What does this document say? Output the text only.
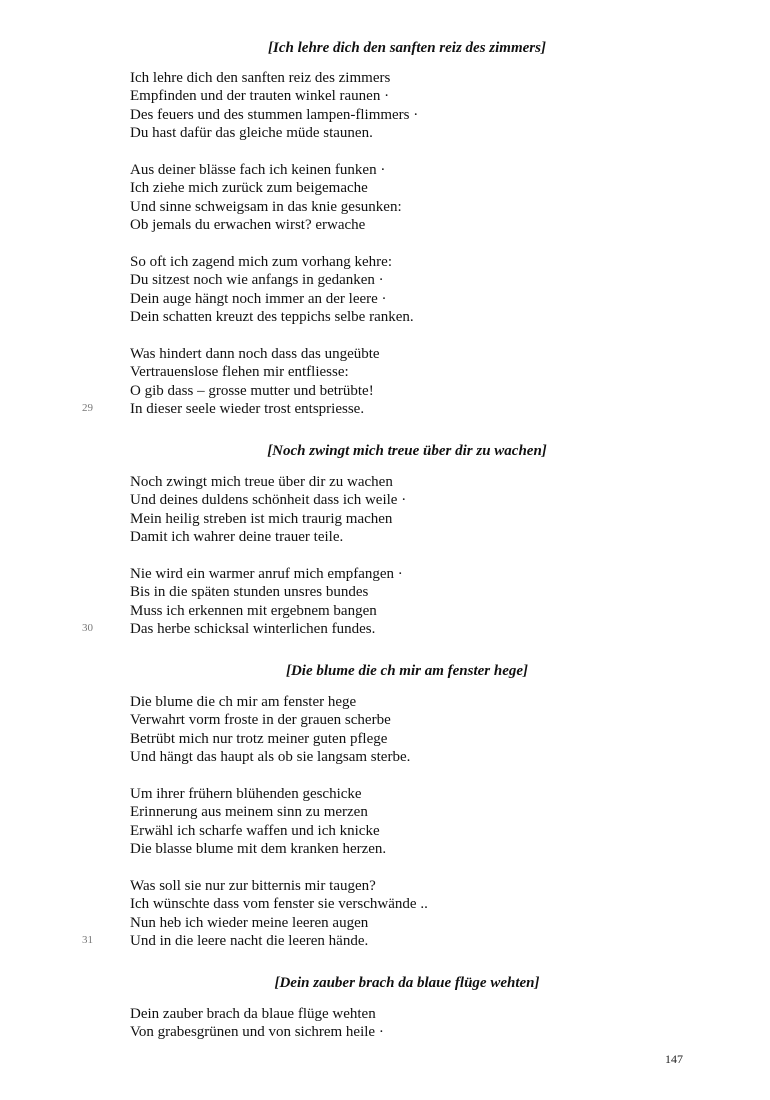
[Ich lehre dich den sanften reiz des zimmers]
Ich lehre dich den sanften reiz des zimmers
Empfinden und der trauten winkel raunen ·
Des feuers und des stummen lampen-flimmers ·
Du hast dafür das gleiche müde staunen.
Aus deiner blässe fach ich keinen funken ·
Ich ziehe mich zurück zum beigemache
Und sinne schweigsam in das knie gesunken:
Ob jemals du erwachen wirst? erwache
So oft ich zagend mich zum vorhang kehre:
Du sitzest noch wie anfangs in gedanken ·
Dein auge hängt noch immer an der leere ·
Dein schatten kreuzt des teppichs selbe ranken.
Was hindert dann noch dass das ungeübte
Vertrauenslose flehen mir entfliesse:
O gib dass – grosse mutter und betrübte!
In dieser seele wieder trost entspriesse.
29
[Noch zwingt mich treue über dir zu wachen]
Noch zwingt mich treue über dir zu wachen
Und deines duldens schönheit dass ich weile ·
Mein heilig streben ist mich traurig machen
Damit ich wahrer deine trauer teile.
Nie wird ein warmer anruf mich empfangen ·
Bis in die späten stunden unsres bundes
Muss ich erkennen mit ergebnem bangen
Das herbe schicksal winterlichen fundes.
30
[Die blume die ch mir am fenster hege]
Die blume die ch mir am fenster hege
Verwahrt vorm froste in der grauen scherbe
Betrübt mich nur trotz meiner guten pflege
Und hängt das haupt als ob sie langsam sterbe.
Um ihrer frühern blühenden geschicke
Erinnerung aus meinem sinn zu merzen
Erwähl ich scharfe waffen und ich knicke
Die blasse blume mit dem kranken herzen.
Was soll sie nur zur bitternis mir taugen?
Ich wünschte dass vom fenster sie verschwände ..
Nun heb ich wieder meine leeren augen
Und in die leere nacht die leeren hände.
31
[Dein zauber brach da blaue flüge wehten]
Dein zauber brach da blaue flüge wehten
Von grabesgrünen und von sichrem heile ·
147
